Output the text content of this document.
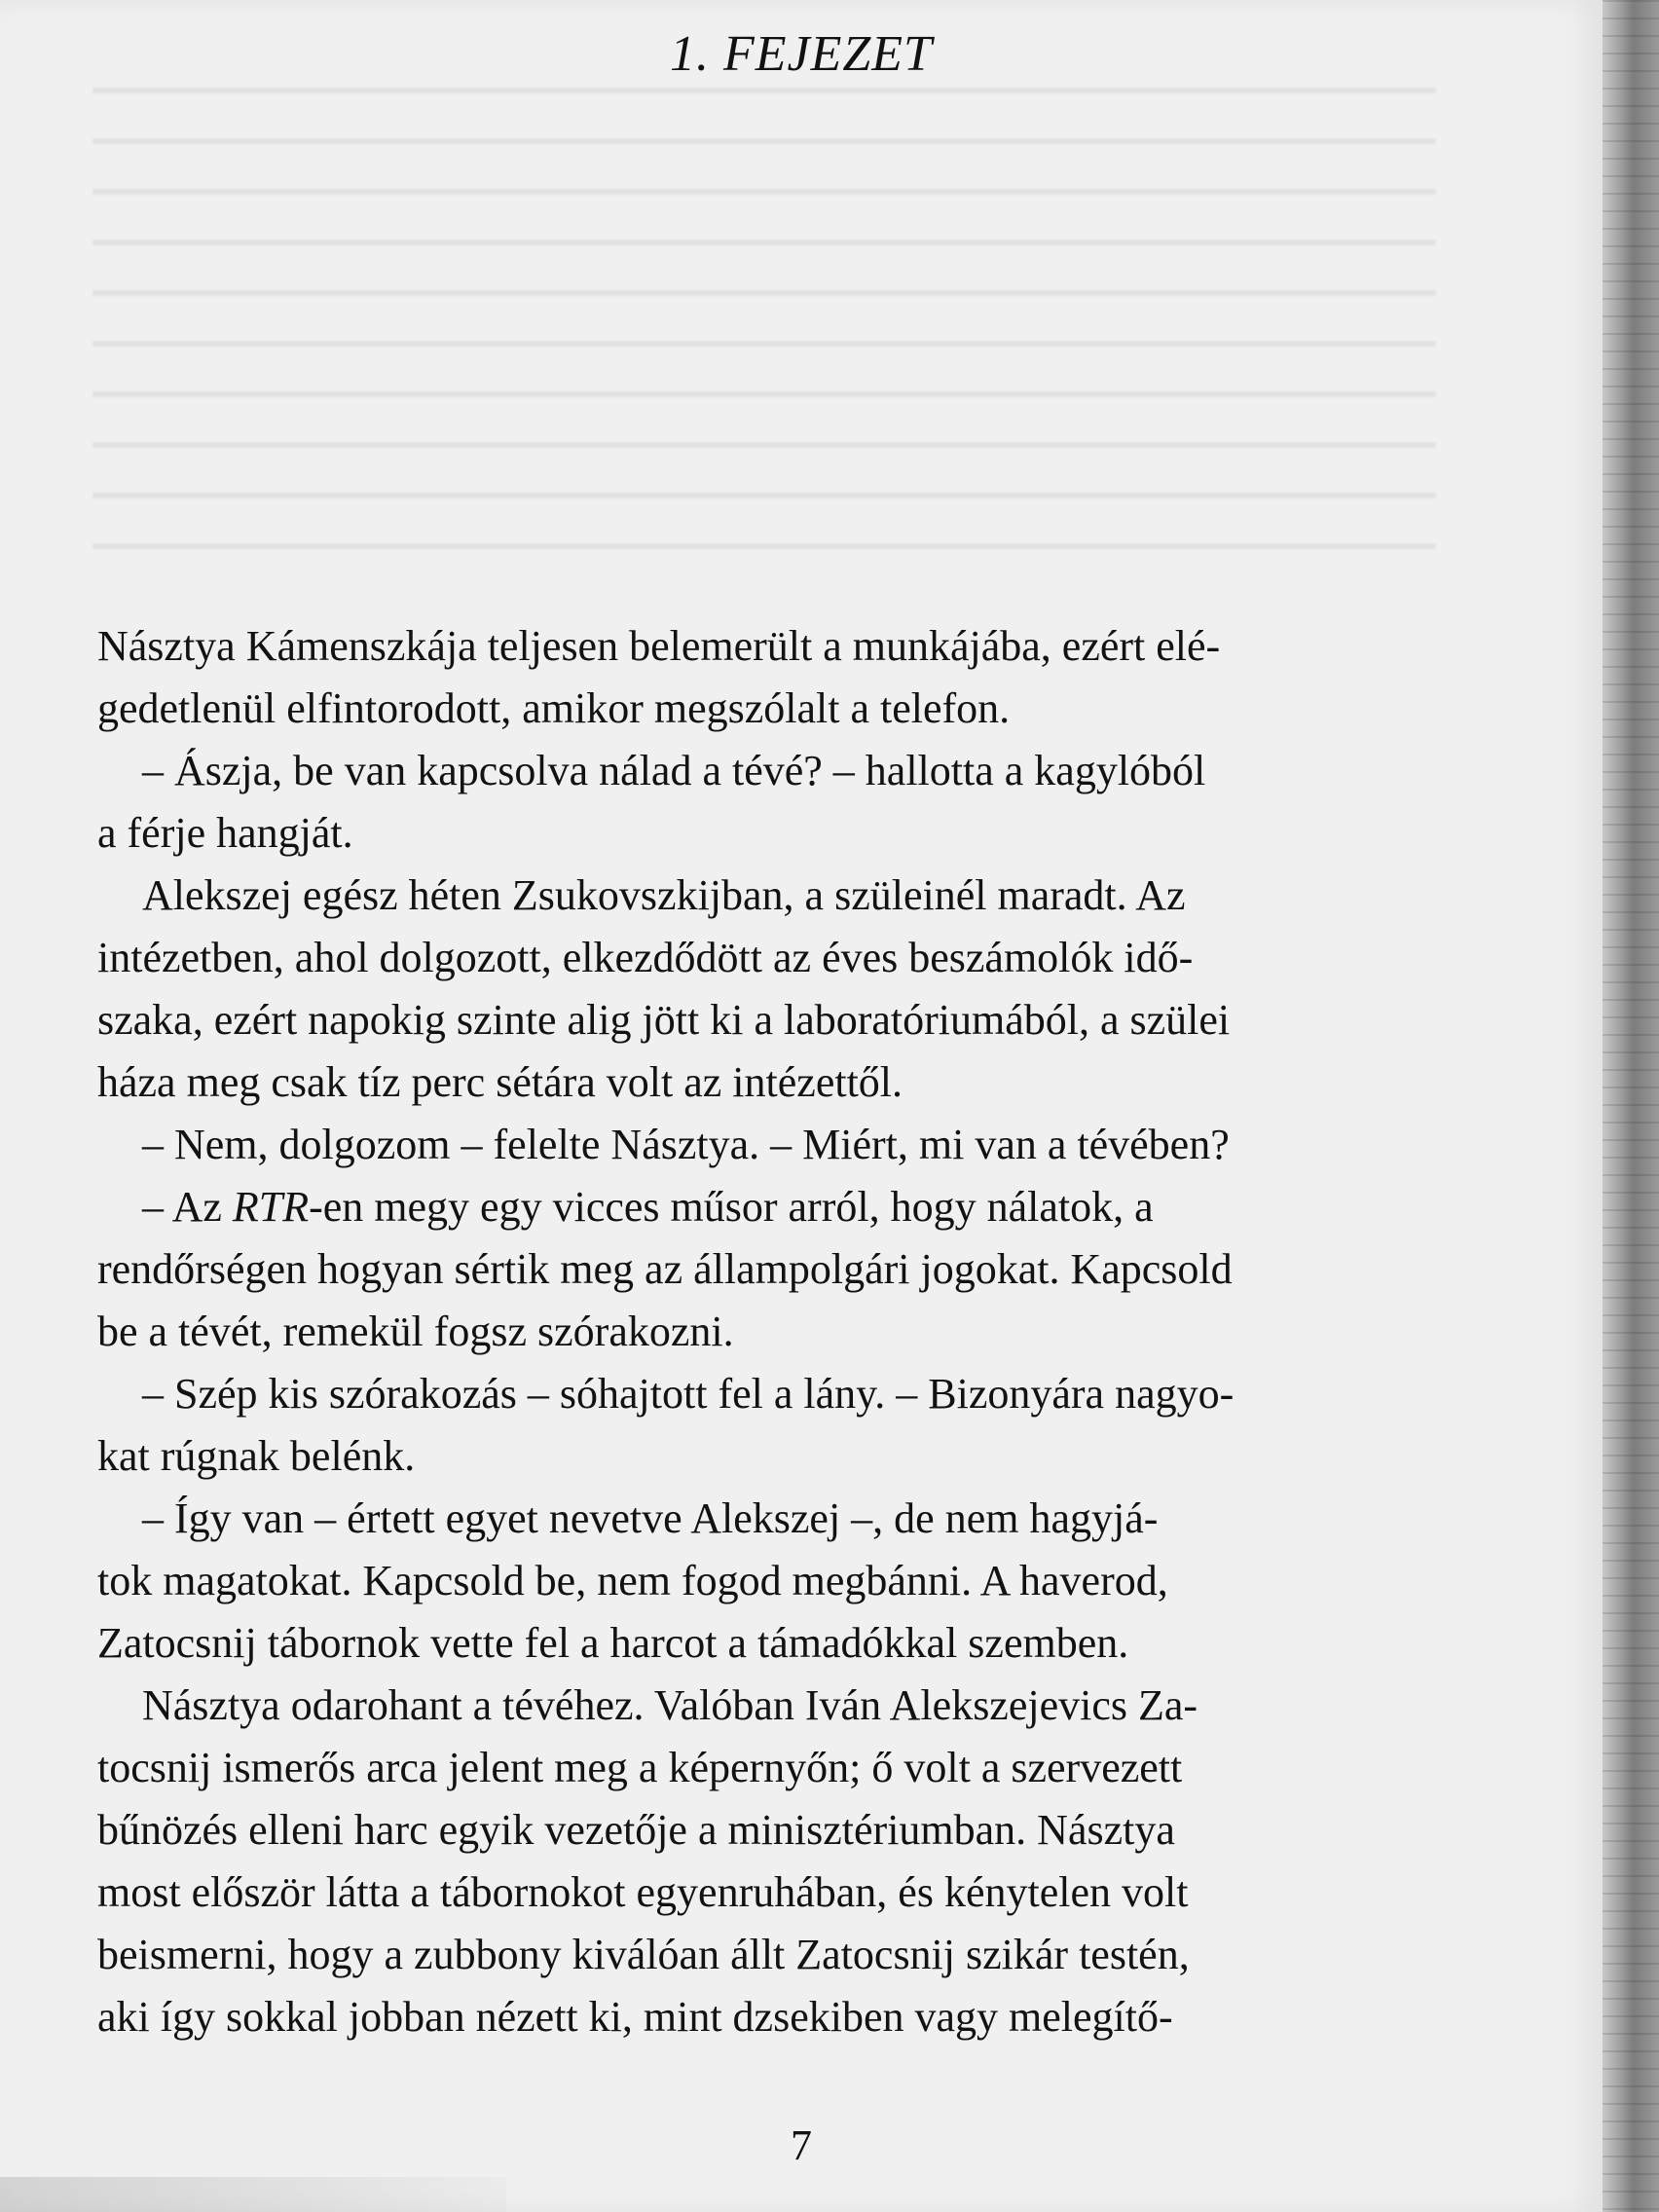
1. FEJEZET

Násztya Kámenszkája teljesen belemerült a munkájába, ezért elé-

gedetlenül elfintorodott, amikor megszólalt a telefon.

– Ászja, be van kapcsolva nálad a tévé? – hallotta a kagylóból

a férje hangját.

Alekszej egész héten Zsukovszkijban, a szüleinél maradt. Az

intézetben, ahol dolgozott, elkezdődött az éves beszámolók idő-

szaka, ezért napokig szinte alig jött ki a laboratóriumából, a szülei

háza meg csak tíz perc sétára volt az intézettől.

– Nem, dolgozom – felelte Násztya. – Miért, mi van a tévében?

– Az RTR-en megy egy vicces műsor arról, hogy nálatok, a

rendőrségen hogyan sértik meg az állampolgári jogokat. Kapcsold

be a tévét, remekül fogsz szórakozni.

– Szép kis szórakozás – sóhajtott fel a lány. – Bizonyára nagyo-

kat rúgnak belénk.

– Így van – értett egyet nevetve Alekszej –, de nem hagyjá-

tok magatokat. Kapcsold be, nem fogod megbánni. A haverod,

Zatocsnij tábornok vette fel a harcot a támadókkal szemben.

Násztya odarohant a tévéhez. Valóban Iván Alekszejevics Za-

tocsnij ismerős arca jelent meg a képernyőn; ő volt a szervezett

bűnözés elleni harc egyik vezetője a minisztériumban. Násztya

most először látta a tábornokot egyenruhában, és kénytelen volt

beismerni, hogy a zubbony kiválóan állt Zatocsnij szikár testén,

aki így sokkal jobban nézett ki, mint dzsekiben vagy melegítő-

7
